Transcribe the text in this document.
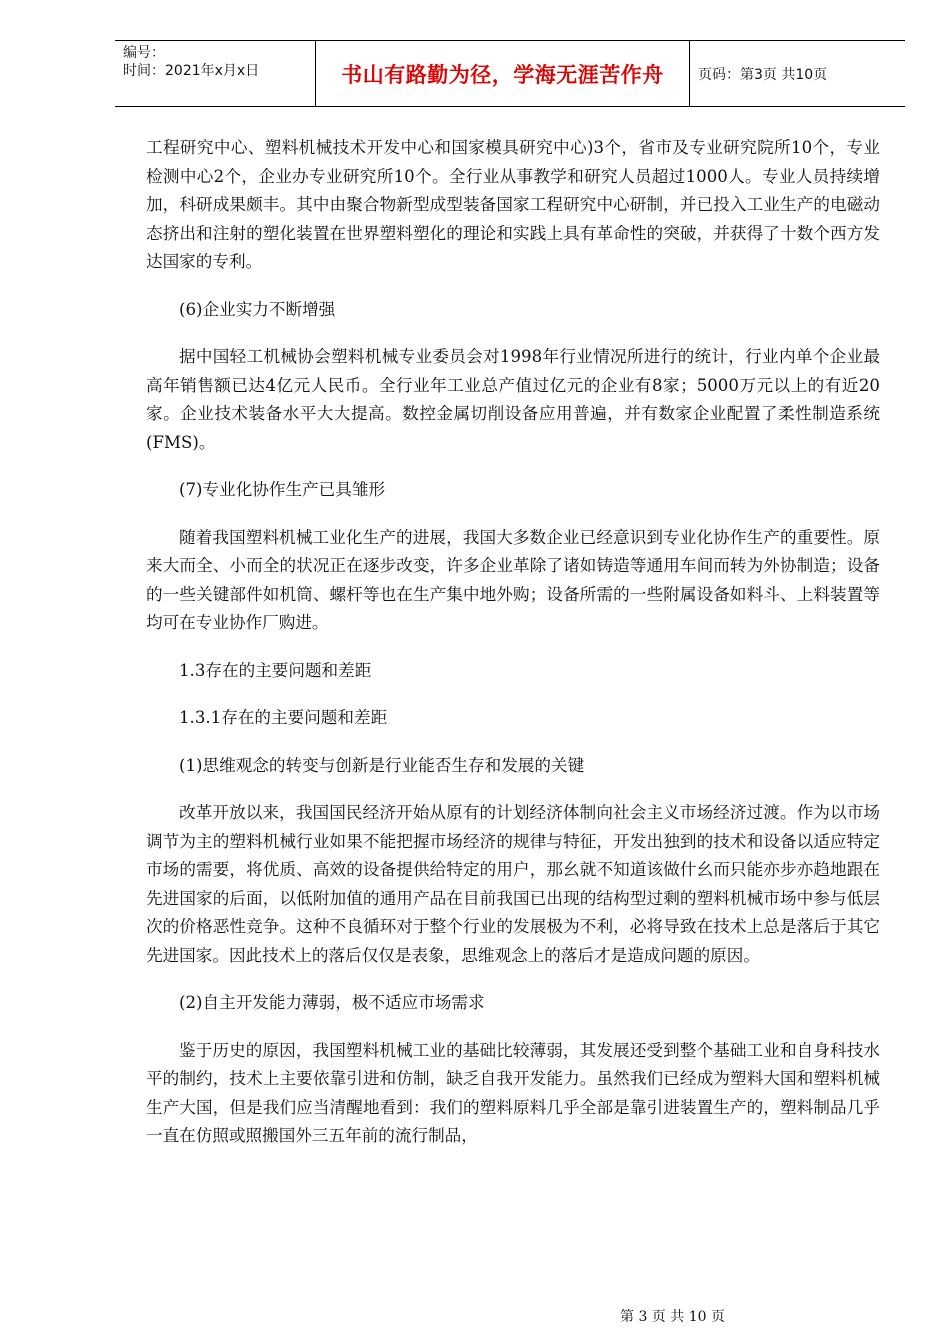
编号：
时间：2021年x月x日	书山有路勤为径，学海无涯苦作舟	页码：第3页 共10页

工程研究中心、塑料机械技术开发中心和国家模具研究中心)3个，省市及专业研究院所10个，专业检测中心2个，企业办专业研究所10个。全行业从事教学和研究人员超过1000人。专业人员持续增加，科研成果颇丰。其中由聚合物新型成型装备国家工程研究中心研制，并已投入工业生产的电磁动态挤出和注射的塑化装置在世界塑料塑化的理论和实践上具有革命性的突破，并获得了十数个西方发达国家的专利。

(6)企业实力不断增强

据中国轻工机械协会塑料机械专业委员会对1998年行业情况所进行的统计，行业内单个企业最高年销售额已达4亿元人民币。全行业年工业总产值过亿元的企业有8家；5000万元以上的有近20家。企业技术装备水平大大提高。数控金属切削设备应用普遍，并有数家企业配置了柔性制造系统(FMS)。

(7)专业化协作生产已具雏形

随着我国塑料机械工业化生产的进展，我国大多数企业已经意识到专业化协作生产的重要性。原来大而全、小而全的状况正在逐步改变，许多企业革除了诸如铸造等通用车间而转为外协制造；设备的一些关键部件如机筒、螺杆等也在生产集中地外购；设备所需的一些附属设备如料斗、上料装置等均可在专业协作厂购进。

1.3存在的主要问题和差距

1.3.1存在的主要问题和差距

(1)思维观念的转变与创新是行业能否生存和发展的关键

改革开放以来，我国国民经济开始从原有的计划经济体制向社会主义市场经济过渡。作为以市场调节为主的塑料机械行业如果不能把握市场经济的规律与特征，开发出独到的技术和设备以适应特定市场的需要，将优质、高效的设备提供给特定的用户，那幺就不知道该做什幺而只能亦步亦趋地跟在先进国家的后面，以低附加值的通用产品在目前我国已出现的结构型过剩的塑料机械市场中参与低层次的价格恶性竞争。这种不良循环对于整个行业的发展极为不利，必将导致在技术上总是落后于其它先进国家。因此技术上的落后仅仅是表象，思维观念上的落后才是造成问题的原因。

(2)自主开发能力薄弱，极不适应市场需求

鉴于历史的原因，我国塑料机械工业的基础比较薄弱，其发展还受到整个基础工业和自身科技水平的制约，技术上主要依靠引进和仿制，缺乏自我开发能力。虽然我们已经成为塑料大国和塑料机械生产大国，但是我们应当清醒地看到：我们的塑料原料几乎全部是靠引进装置生产的，塑料制品几乎一直在仿照或照搬国外三五年前的流行制品，

第 3 页 共 10 页
